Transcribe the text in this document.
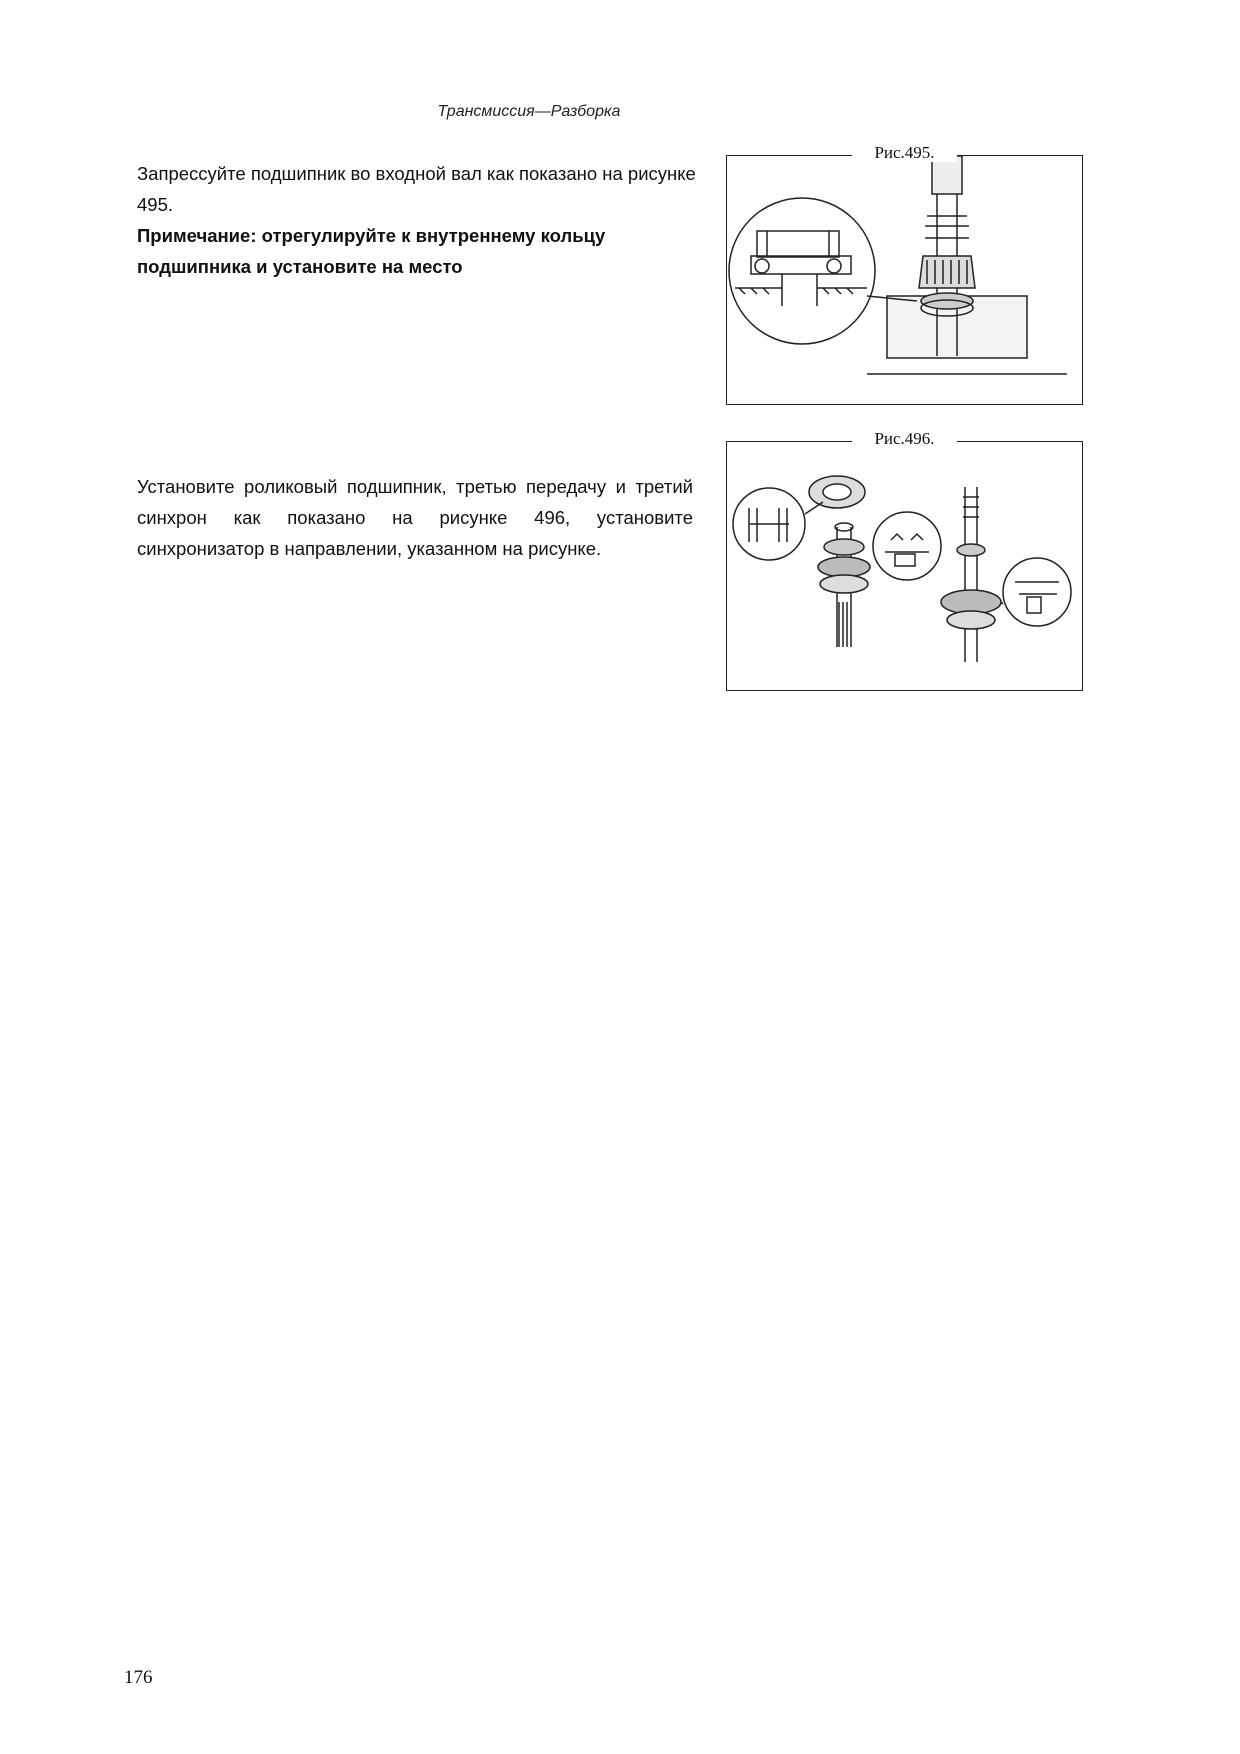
Трансмиссия—Разборка
Запрессуйте подшипник во входной вал как показано на рисунке 495.
Примечание: отрегулируйте к внутреннему кольцу подшипника и установите на место
Рис.495.
Установите роликовый подшипник, третью передачу и третий синхрон как показано на рисунке 496, установите синхронизатор в направлении, указанном на рисунке.
Рис.496.
176
